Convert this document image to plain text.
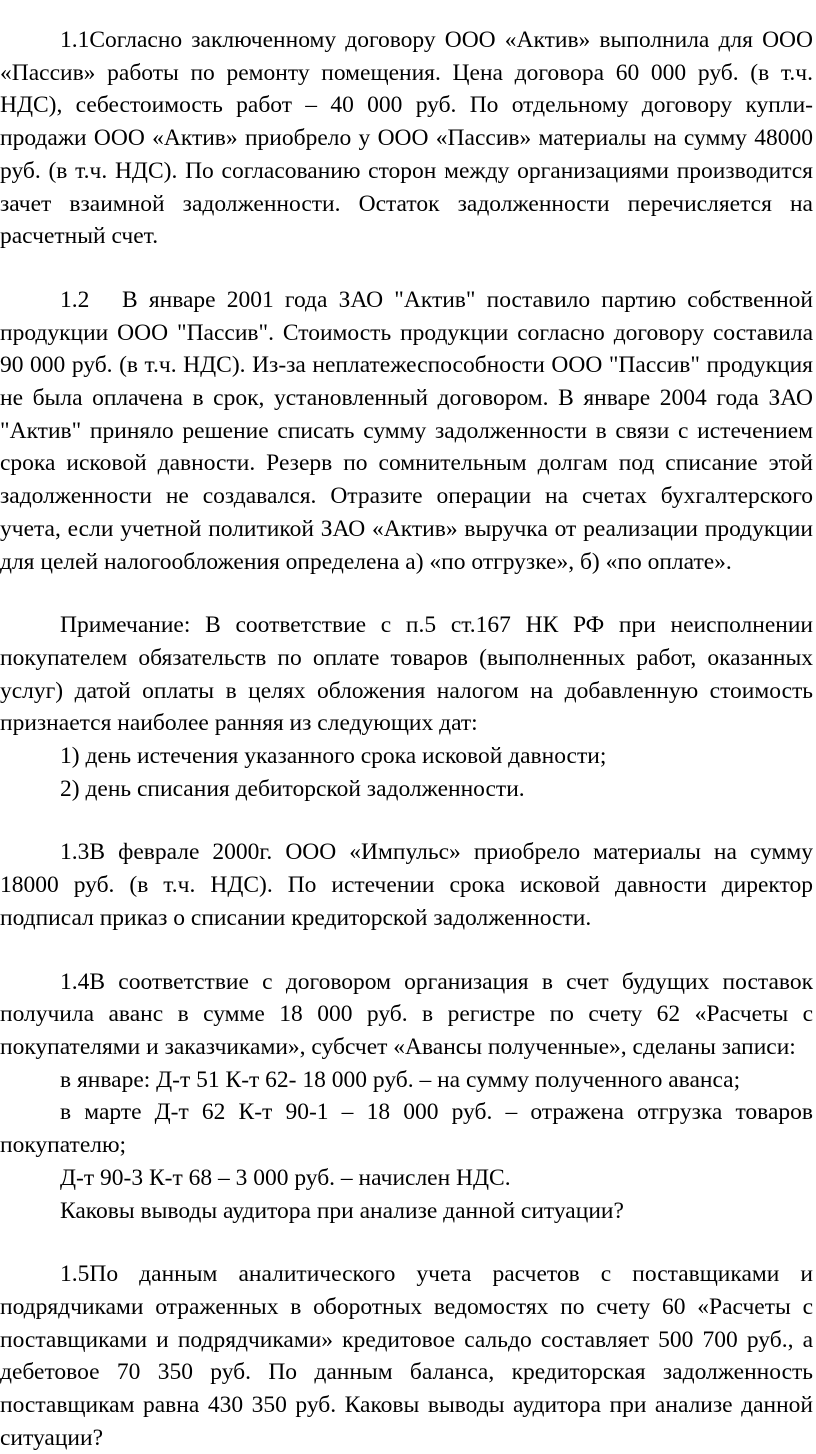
1.1Согласно заключенному договору ООО «Актив» выполнила для ООО «Пассив» работы по ремонту помещения. Цена договора 60 000 руб. (в т.ч. НДС), себестоимость работ – 40 000 руб. По отдельному договору купли-продажи ООО «Актив» приобрело у ООО «Пассив» материалы на сумму 48000 руб. (в т.ч. НДС). По согласованию сторон между организациями производится зачет взаимной задолженности. Остаток задолженности перечисляется на расчетный счет.

1.2 В январе 2001 года ЗАО "Актив" поставило партию собственной продукции ООО "Пассив". Стоимость продукции согласно договору составила 90 000 руб. (в т.ч. НДС). Из-за неплатежеспособности ООО "Пассив" продукция не была оплачена в срок, установленный договором. В январе 2004 года ЗАО "Актив" приняло решение списать сумму задолженности в связи с истечением срока исковой давности. Резерв по сомнительным долгам под списание этой задолженности не создавался. Отразите операции на счетах бухгалтерского учета, если учетной политикой ЗАО «Актив» выручка от реализации продукции для целей налогообложения определена а) «по отгрузке», б) «по оплате».

Примечание: В соответствие с п.5 ст.167 НК РФ при неисполнении покупателем обязательств по оплате товаров (выполненных работ, оказанных услуг) датой оплаты в целях обложения налогом на добавленную стоимость признается наиболее ранняя из следующих дат:

1) день истечения указанного срока исковой давности;

2) день списания дебиторской задолженности.

1.3В феврале 2000г. ООО «Импульс» приобрело материалы на сумму 18000 руб. (в т.ч. НДС). По истечении срока исковой давности директор подписал приказ о списании кредиторской задолженности.

1.4В соответствие с договором организация в счет будущих поставок получила аванс в сумме 18 000 руб. в регистре по счету 62 «Расчеты с покупателями и заказчиками», субсчет «Авансы полученные», сделаны записи:

в январе: Д-т 51 К-т 62- 18 000 руб. – на сумму полученного аванса;

в марте Д-т 62 К-т 90-1 – 18 000 руб. – отражена отгрузка товаров покупателю;

Д-т 90-3 К-т 68 – 3 000 руб. – начислен НДС.

Каковы выводы аудитора при анализе данной ситуации?

1.5По данным аналитического учета расчетов с поставщиками и подрядчиками отраженных в оборотных ведомостях по счету 60 «Расчеты с поставщиками и подрядчиками» кредитовое сальдо составляет 500 700 руб., а дебетовое 70 350 руб. По данным баланса, кредиторская задолженность поставщикам равна 430 350 руб. Каковы выводы аудитора при анализе данной ситуации?
